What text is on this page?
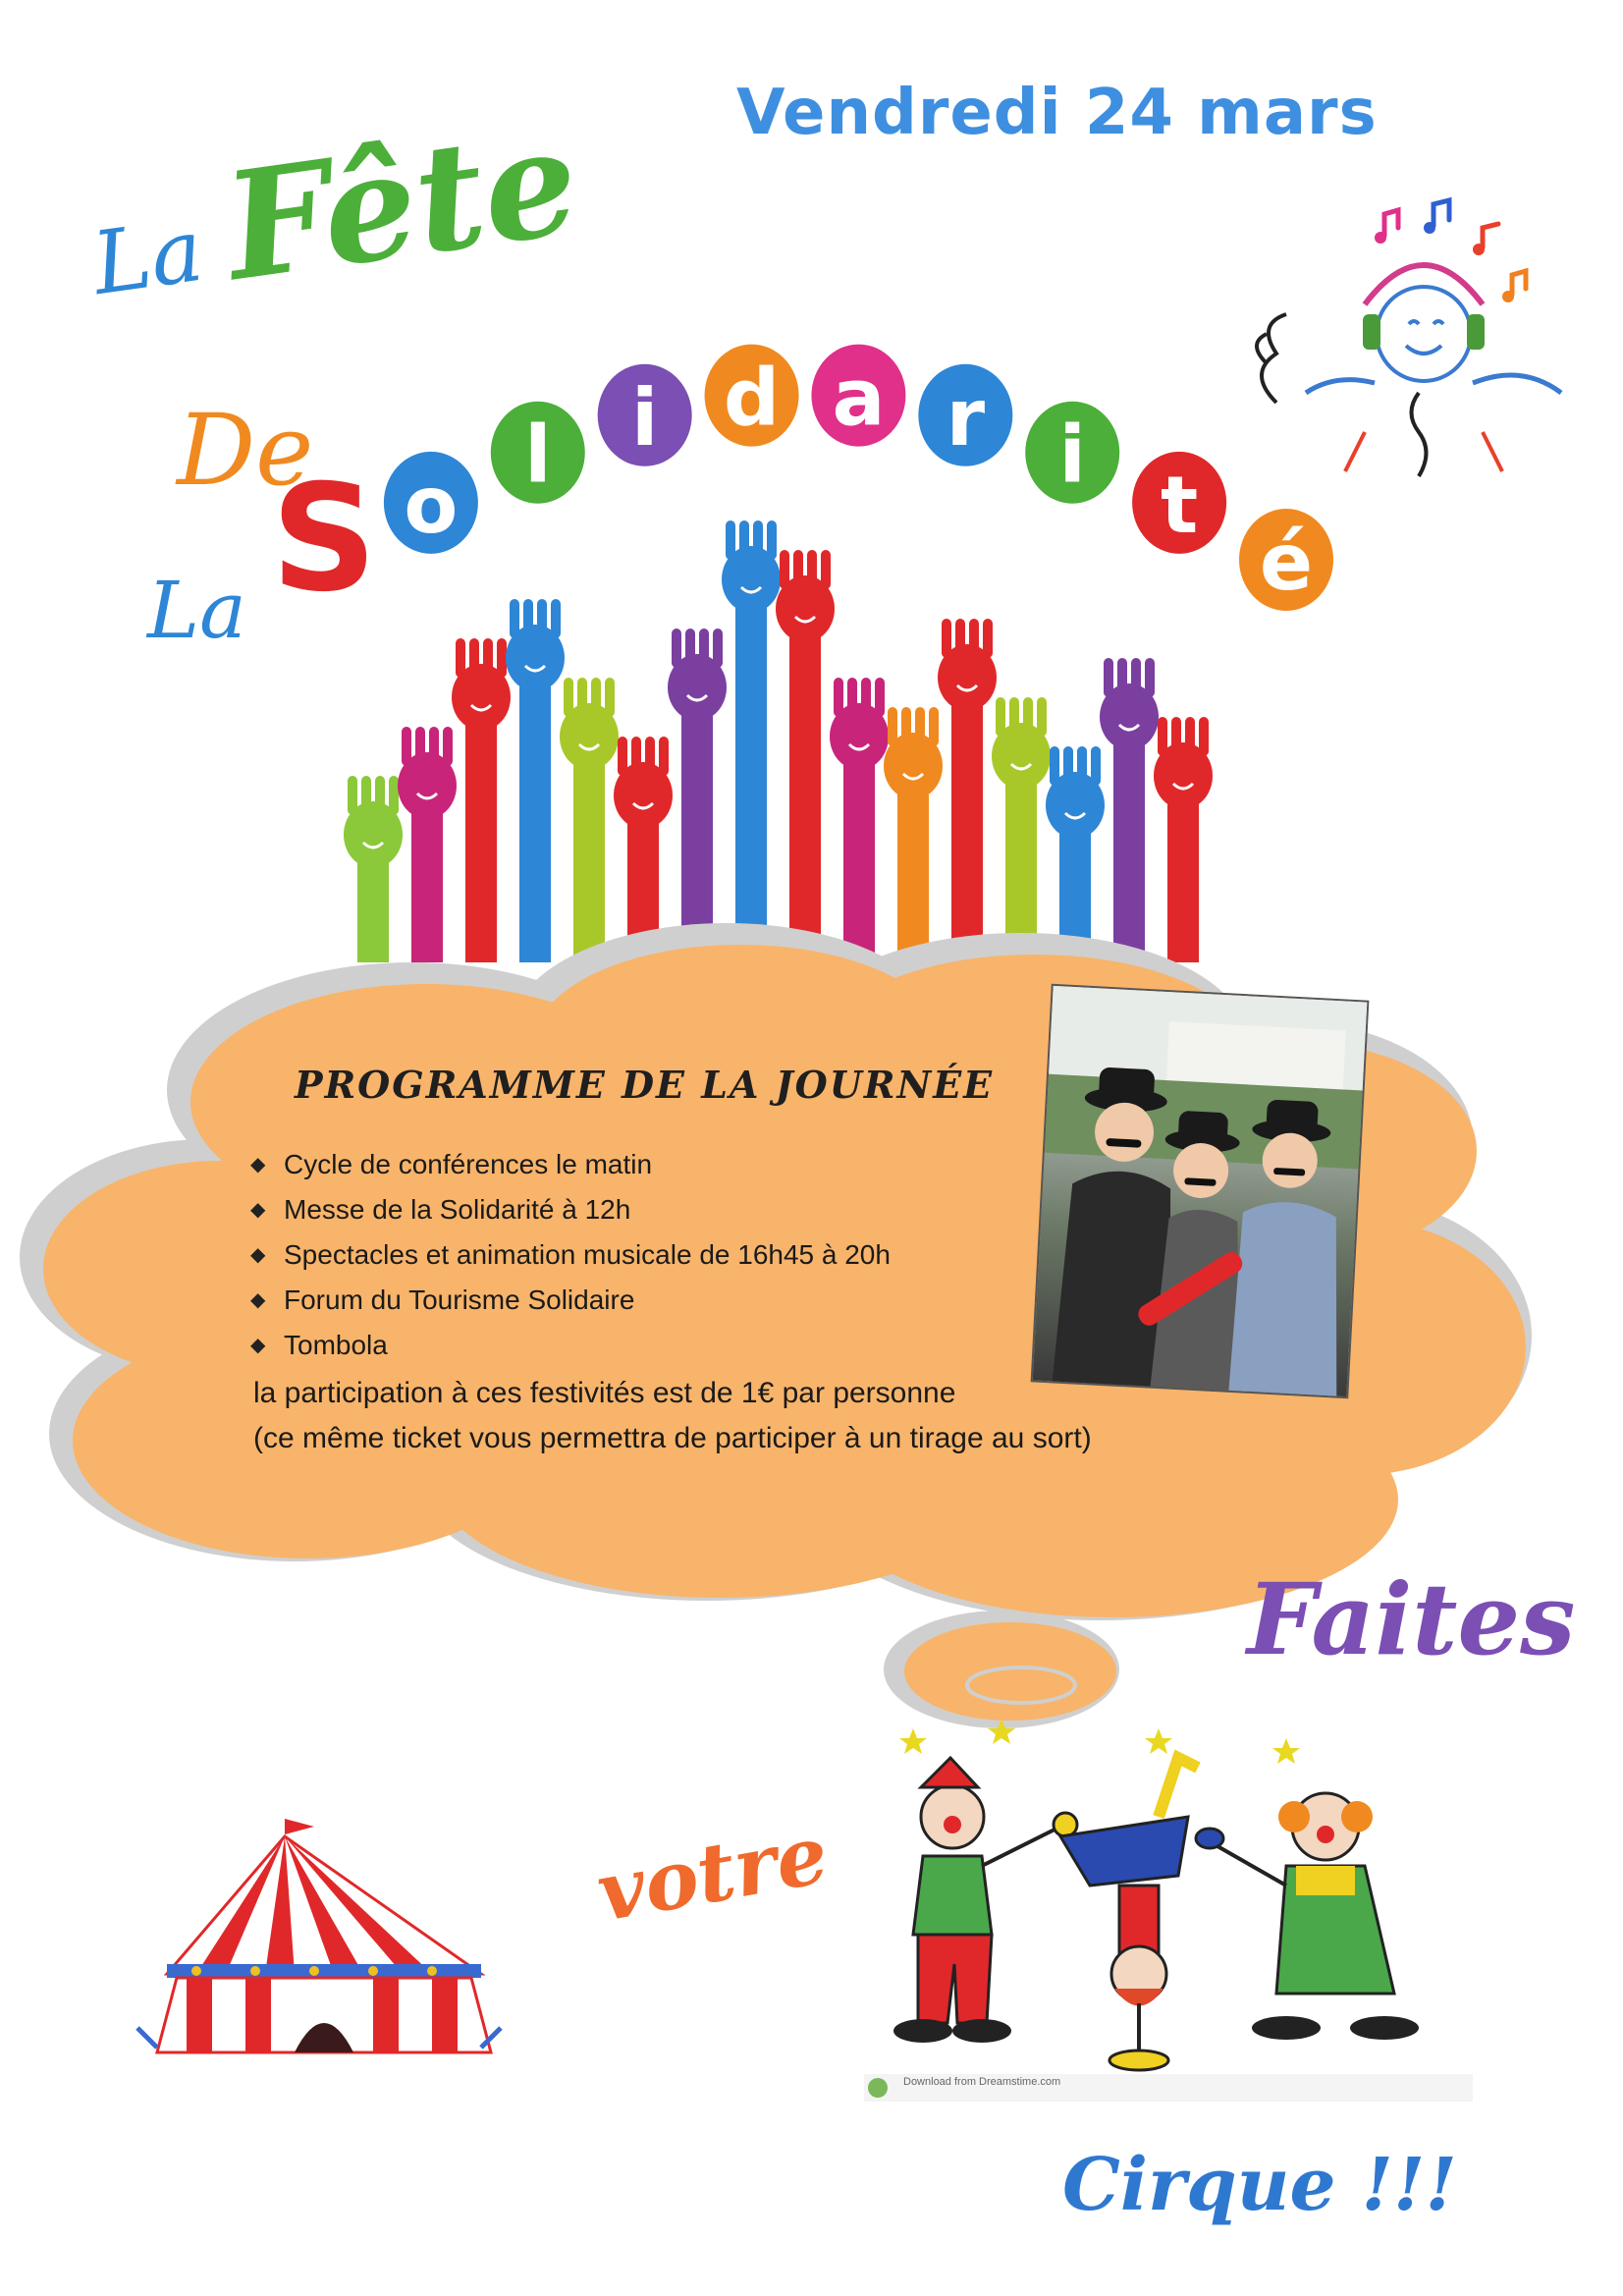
Vendredi 24 mars
La Fête
De
La S o
l i d a r i
t
é
PROGRAMME DE LA JOURNÉE
◆ Cycle de conférences le matin
◆ Messe de la Solidarité à 12h
◆ Spectacles et animation musicale de 16h45 à 20h
◆ Forum du Tourisme Solidaire
◆ Tombola
la participation à ces festivités est de 1€ par personne
(ce même ticket vous permettra de participer à un tirage au sort)
Faites
votre
Download from Dreamstime.com
Cirque !!!
